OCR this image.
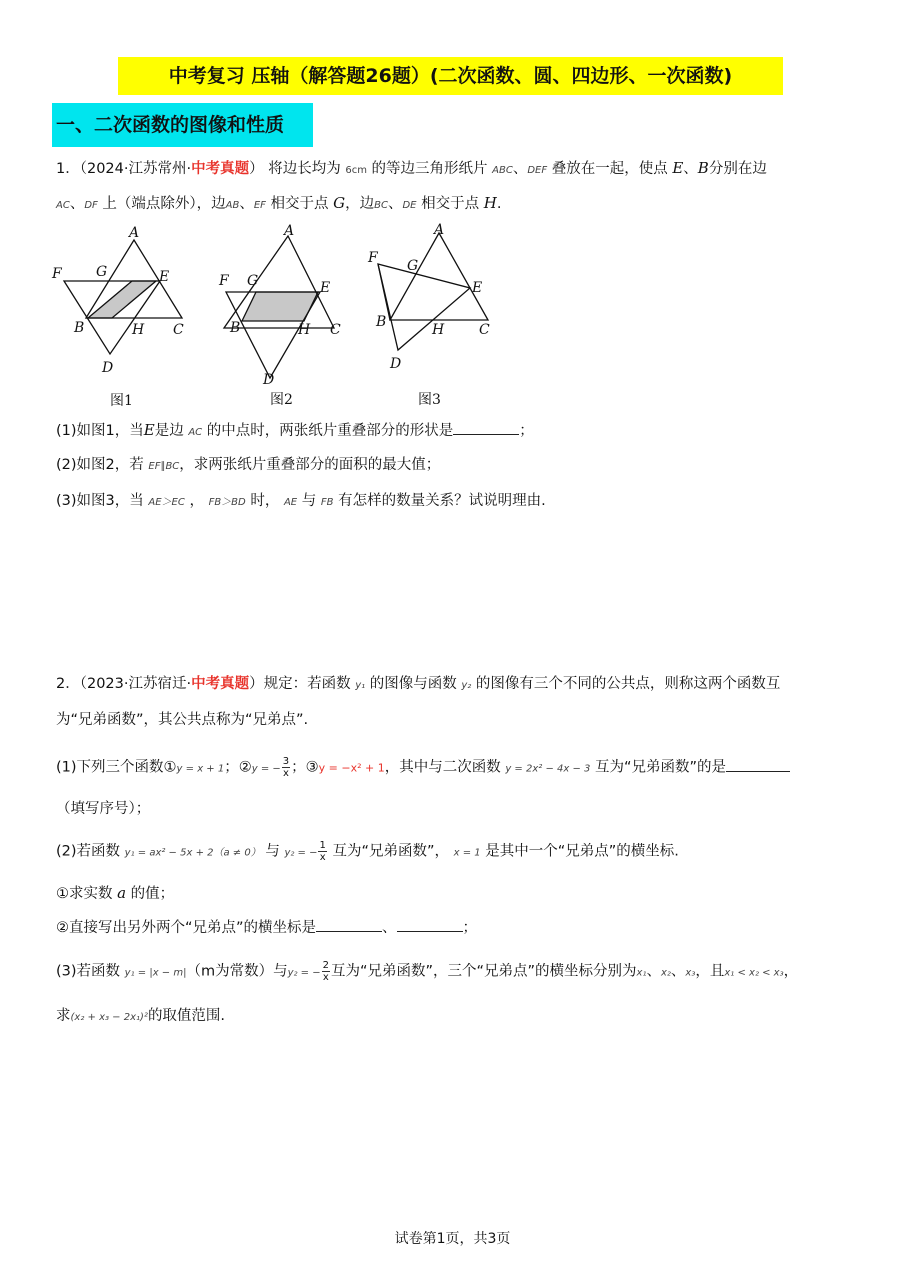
中考复习 压轴（解答题26题）(二次函数、圆、四边形、一次函数)
一、二次函数的图像和性质
1．（2024·江苏常州·中考真题） 将边长均为 6cm 的等边三角形纸片 ABC、DEF 叠放在一起，使点 E、B分别在边
AC、DF 上（端点除外），边AB、EF 相交于点 G，边BC、DE 相交于点 H.
A
F G	E
B	H C
D
图1
A
F G	E
B	H C
D
图2
A
F G
E
B	H C
D
图3
(1)如图1，当E是边 AC 的中点时，两张纸片重叠部分的形状是	；
(2)如图2，若 EF∥BC，求两张纸片重叠部分的面积的最大值；
(3)如图3，当 AE＞EC ， FB＞BD 时， AE 与 FB 有怎样的数量关系？试说明理由.
2．（2023·江苏宿迁·中考真题）规定：若函数 y₁ 的图像与函数 y₂ 的图像有三个不同的公共点，则称这两个函数互
为“兄弟函数”，其公共点称为“兄弟点”.
(1)下列三个函数①y = x + 1；②y = − $\frac{3}{x}$ ；③y = −x² + 1，其中与二次函数 y = 2x² − 4x − 3 互为“兄弟函数”的是
（填写序号）；
(2)若函数 y₁ = ax² − 5x + 2（a ≠ 0） 与 y₂ = − $\frac{1}{x}$ 互为“兄弟函数”， x = 1 是其中一个“兄弟点”的横坐标.
①求实数 a 的值；
②直接写出另外两个“兄弟点”的横坐标是	、	；
(3)若函数 y₁ = |x − m|（m为常数）与y₂ = − $\frac{2}{x}$ 互为“兄弟函数”，三个“兄弟点”的横坐标分别为x₁、x₂、x₃，且x₁ < x₂ < x₃，
求(x₂ + x₃ − 2x₁)²的取值范围.
试卷第1页，共3页
